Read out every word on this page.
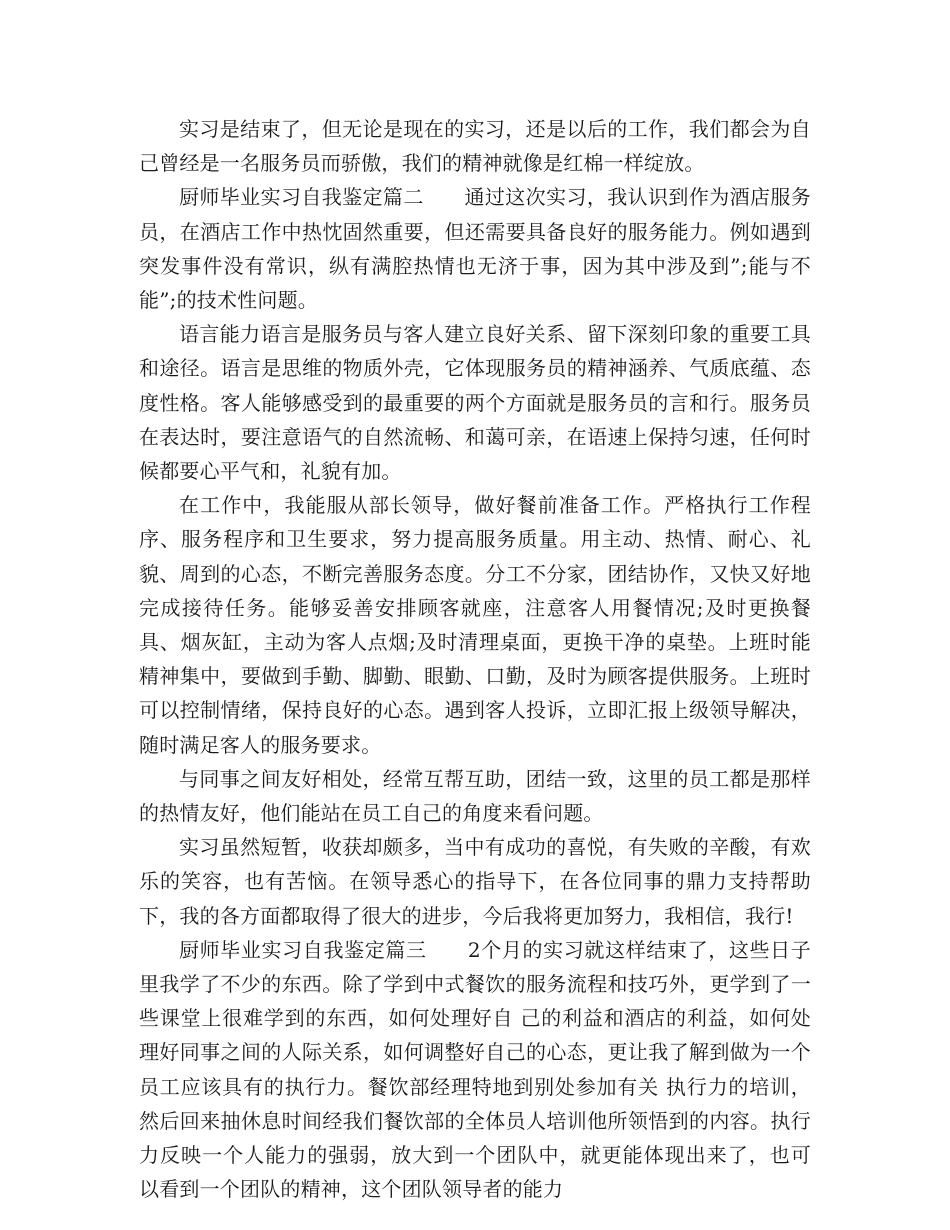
实习是结束了，但无论是现在的实习，还是以后的工作，我们都会为自己曾经是一名服务员而骄傲，我们的精神就像是红棉一样绽放。

厨师毕业实习自我鉴定篇二　　通过这次实习，我认识到作为酒店服务员，在酒店工作中热忱固然重要，但还需要具备良好的服务能力。例如遇到突发事件没有常识，纵有满腔热情也无济于事，因为其中涉及到”;能与不能”;的技术性问题。

语言能力语言是服务员与客人建立良好关系、留下深刻印象的重要工具和途径。语言是思维的物质外壳，它体现服务员的精神涵养、气质底蕴、态度性格。客人能够感受到的最重要的两个方面就是服务员的言和行。服务员在表达时，要注意语气的自然流畅、和蔼可亲，在语速上保持匀速，任何时候都要心平气和，礼貌有加。

在工作中，我能服从部长领导，做好餐前准备工作。严格执行工作程序、服务程序和卫生要求，努力提高服务质量。用主动、热情、耐心、礼貌、周到的心态，不断完善服务态度。分工不分家，团结协作，又快又好地完成接待任务。能够妥善安排顾客就座，注意客人用餐情况;及时更换餐具、烟灰缸，主动为客人点烟;及时清理桌面，更换干净的桌垫。上班时能精神集中，要做到手勤、脚勤、眼勤、口勤，及时为顾客提供服务。上班时可以控制情绪，保持良好的心态。遇到客人投诉，立即汇报上级领导解决，随时满足客人的服务要求。

与同事之间友好相处，经常互帮互助，团结一致，这里的员工都是那样的热情友好，他们能站在员工自己的角度来看问题。

实习虽然短暂，收获却颇多，当中有成功的喜悦，有失败的辛酸，有欢乐的笑容，也有苦恼。在领导悉心的指导下，在各位同事的鼎力支持帮助下，我的各方面都取得了很大的进步，今后我将更加努力，我相信，我行!

厨师毕业实习自我鉴定篇三　　2个月的实习就这样结束了，这些日子里我学了不少的东西。除了学到中式餐饮的服务流程和技巧外，更学到了一些课堂上很难学到的东西，如何处理好自 己的利益和酒店的利益，如何处理好同事之间的人际关系，如何调整好自己的心态，更让我了解到做为一个员工应该具有的执行力。餐饮部经理特地到别处参加有关 执行力的培训，然后回来抽休息时间经我们餐饮部的全体员人培训他所领悟到的内容。执行力反映一个人能力的强弱，放大到一个团队中，就更能体现出来了，也可 以看到一个团队的精神，这个团队领导者的能力
